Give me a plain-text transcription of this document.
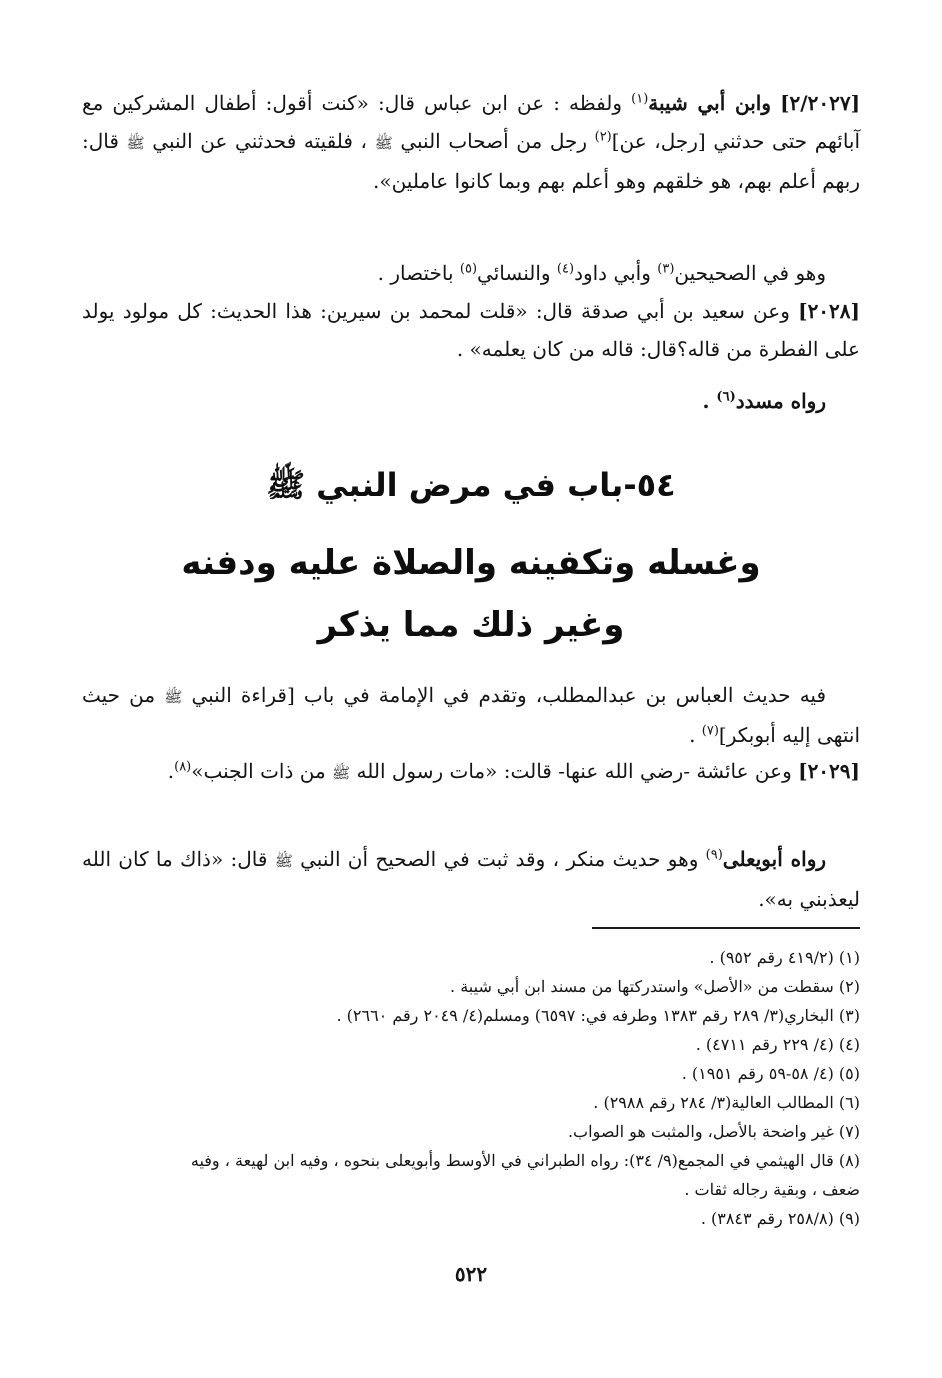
[٢/٢٠٢٧] وابن أبي شيبة$^{(١)}$ ولفظه : عن ابن عباس قال: «كنت أقول: أطفال المشركين مع آبائهم حتى حدثني [رجل، عن]$^{(٢)}$ رجل من أصحاب النبي ﷺ ، فلقيته فحدثني عن النبي ﷺ قال: ربهم أعلم بهم، هو خلقهم وهو أعلم بهم وبما كانوا عاملين».
وهو في الصحيحين$^{(٣)}$ وأبي داود$^{(٤)}$ والنسائي$^{(٥)}$ باختصار .
[٢٠٢٨] وعن سعيد بن أبي صدقة قال: «قلت لمحمد بن سيرين: هذا الحديث: كل مولود يولد على الفطرة من قاله؟قال: قاله من كان يعلمه» .
رواه مسدد$^{(٦)}$ .
٥٤-باب في مرض النبي ﷺ
وغسله وتكفينه والصلاة عليه ودفنه
وغير ذلك مما يذكر
فيه حديث العباس بن عبدالمطلب، وتقدم في الإمامة في باب [قراءة النبي ﷺ من حيث انتهى إليه أبوبكر]$^{(٧)}$ .
[٢٠٢٩] وعن عائشة -رضي الله عنها- قالت: «مات رسول الله ﷺ من ذات الجنب»$^{(٨)}$.
رواه أبويعلى$^{(٩)}$ وهو حديث منكر ، وقد ثبت في الصحيح أن النبي ﷺ قال: «ذاك ما كان الله ليعذبني به».
(١) (٤١٩/٢ رقم ٩٥٢) .
(٢) سقطت من «الأصل» واستدركتها من مسند ابن أبي شيبة .
(٣) البخاري(٣/ ٢٨٩ رقم ١٣٨٣ وطرفه في: ٦٥٩٧) ومسلم(٤/ ٢٠٤٩ رقم ٢٦٦٠) .
(٤) (٤/ ٢٢٩ رقم ٤٧١١) .
(٥) (٤/ ٥٨-٥٩ رقم ١٩٥١) .
(٦) المطالب العالية(٣/ ٢٨٤ رقم ٢٩٨٨) .
(٧) غير واضحة بالأصل، والمثبت هو الصواب.
(٨) قال الهيثمي في المجمع(٩/ ٣٤): رواه الطبراني في الأوسط وأبويعلى بنحوه ، وفيه ابن لهيعة ، وفيه
ضعف ، وبقية رجاله ثقات .
(٩) (٢٥٨/٨ رقم ٣٨٤٣) .
٥٢٢
